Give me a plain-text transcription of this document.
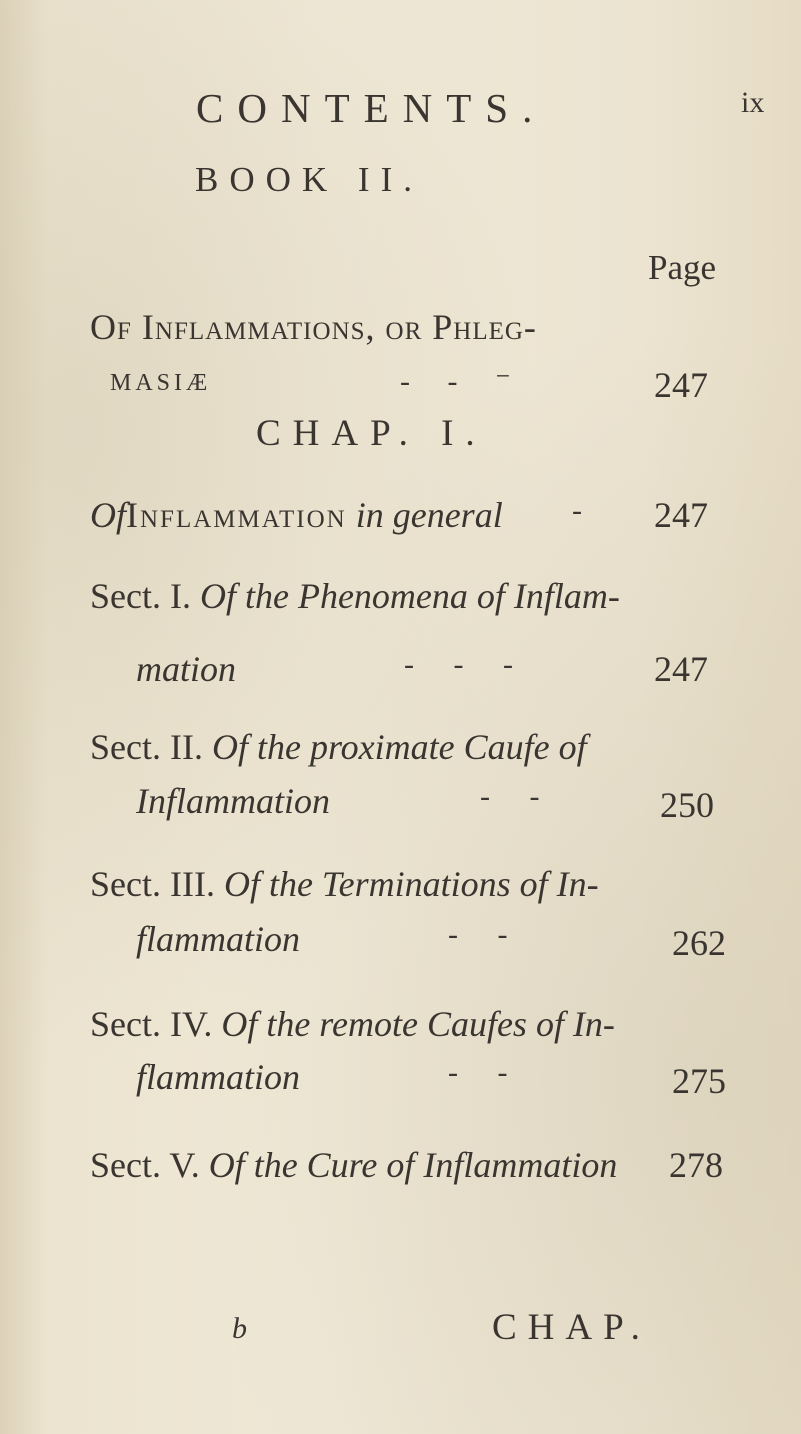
CONTENTS.	ix
BOOK II.
Page
Of Inflammations, or Phleg-
MASIÆ	- - ⁻	247
CHAP. I.
OfInflammation in general - 247
Sect. I. Of the Phenomena of Inflam-
mation	- - -	247
Sect. II. Of the proximate Caufe of
Inflammation	- -	250
Sect. III. Of the Terminations of In-
flammation	- -	262
Sect. IV. Of the remote Caufes of In-
flammation	- -	275
Sect. V. Of the Cure of Inflammation 278
b	CHAP.
